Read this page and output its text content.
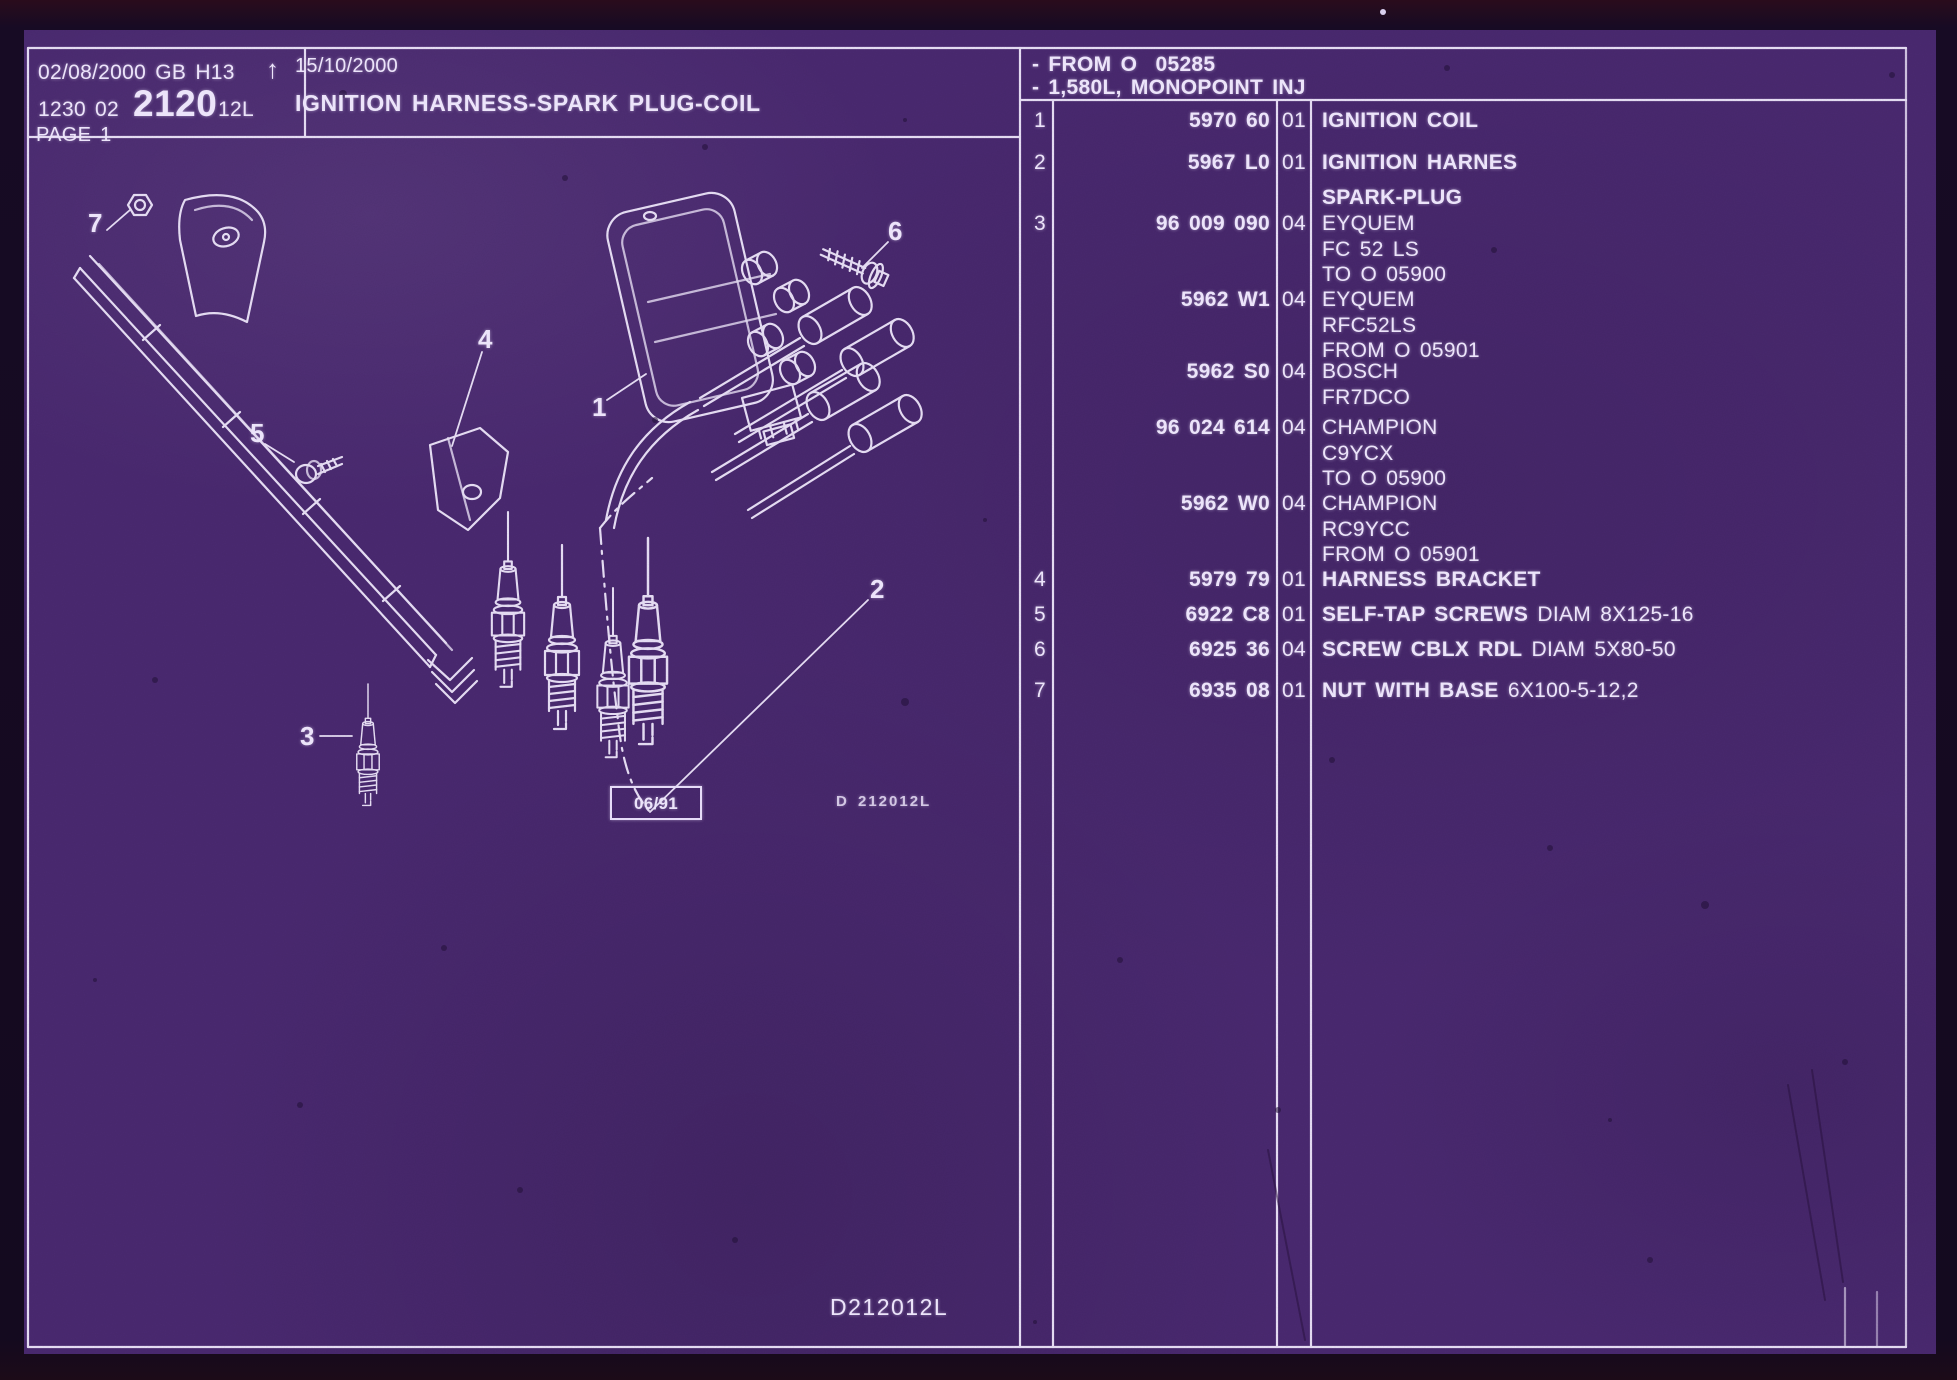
02/08/2000 GB H13 ↑
1230 02 2120 12L
PAGE 1
15/10/2000
IGNITION HARNESS-SPARK PLUG-COIL
- FROM O  05285
- 1,580L, MONOPOINT INJ
1	5970 60 01 IGNITION COIL
2	5967 L0 01 IGNITION HARNES
SPARK-PLUG
3	96 009 090 04 EYQUEM
FC 52 LS
TO O 05900
5962 W1 04 EYQUEM
RFC52LS
FROM O 05901
5962 S0 04 BOSCH
FR7DCO
96 024 614 04 CHAMPION
C9YCX
TO O 05900
5962 W0 04 CHAMPION
RC9YCC
FROM O 05901
4	5979 79 01 HARNESS BRACKET
5	6922 C8 01 SELF-TAP SCREWS DIAM 8X125-16
6	6925 36 04 SCREW CBLX RDL DIAM 5X80-50
7	6935 08 01 NUT WITH BASE 6X100-5-12,2
7
4
5
1
6
2
3
06/91	D 212012L
D212012L
